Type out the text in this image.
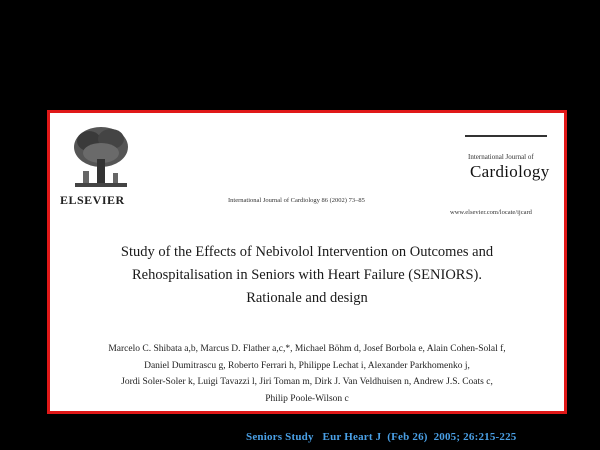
ELSEVIER	International Journal of Cardiology 86 (2002) 73–85
International Journal of
Cardiology
www.elsevier.com/locate/ijcard
Study of the Effects of Nebivolol Intervention on Outcomes and
Rehospitalisation in Seniors with Heart Failure (SENIORS).
Rationale and design
Marcelo C. Shibata a,b, Marcus D. Flather a,c,*, Michael Böhm d, Josef Borbola e, Alain Cohen-Solal f,
Daniel Dumitrascu g, Roberto Ferrari h, Philippe Lechat i, Alexander Parkhomenko j,
Jordi Soler-Soler k, Luigi Tavazzi l, Jiri Toman m, Dirk J. Van Veldhuisen n, Andrew J.S. Coats c,
Philip Poole-Wilson c
Seniors Study   Eur Heart J  (Feb 26)  2005; 26:215-225
